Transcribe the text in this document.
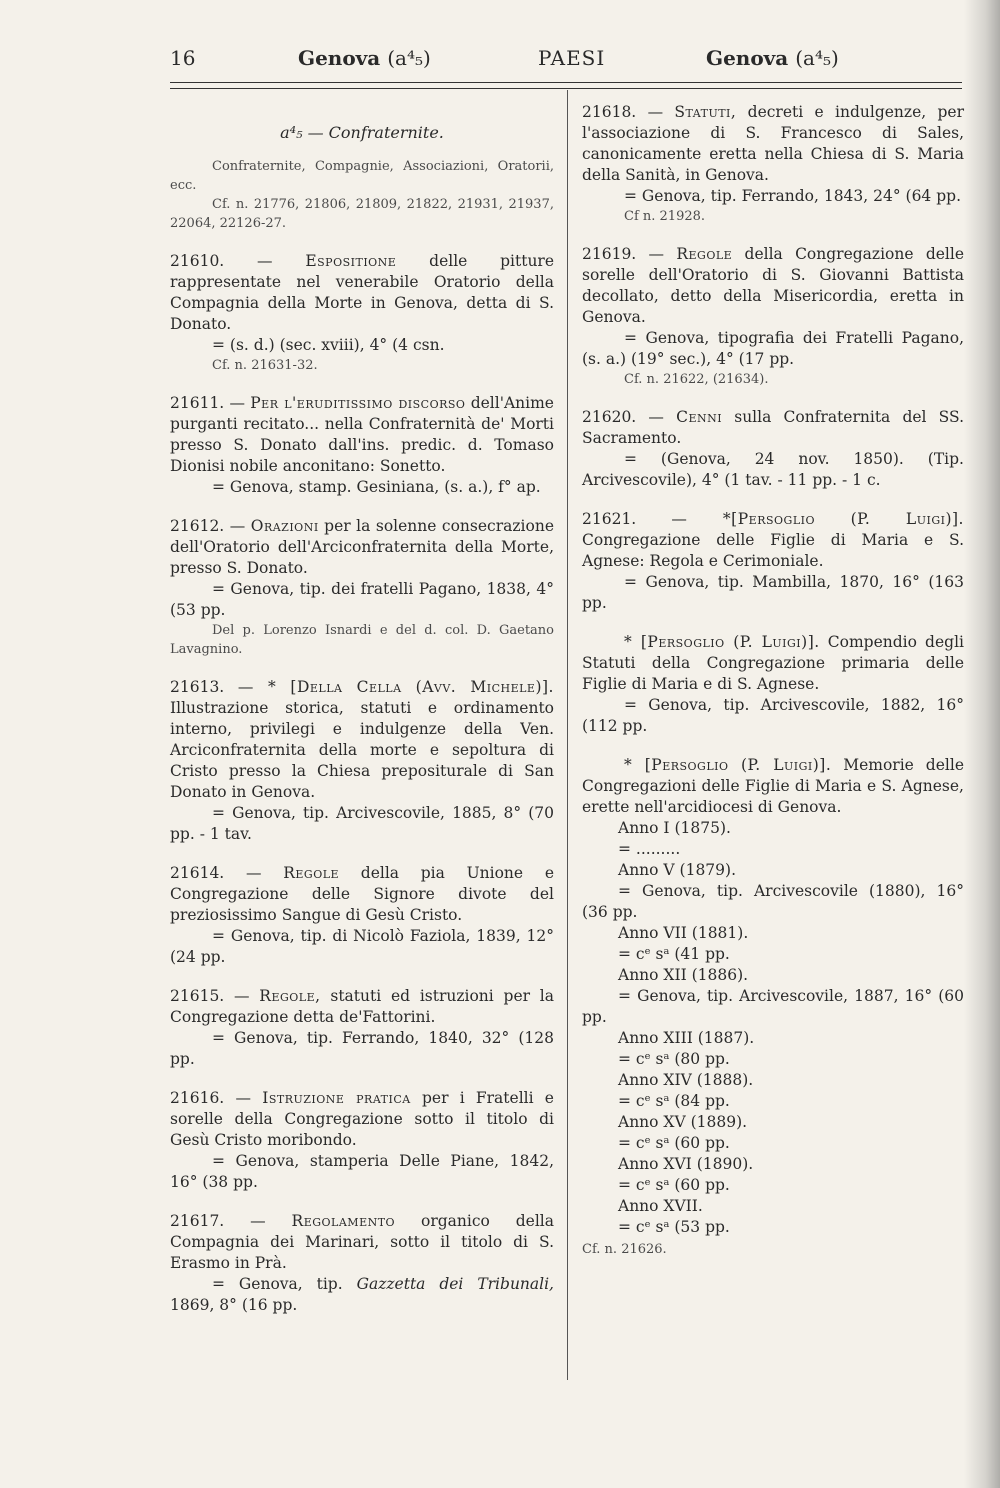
16	Genova (a⁴₅)	PAESI	Genova (a⁴₅)
a⁴₅ — Confraternite.

Confraternite, Compagnie, Associazioni, Oratorii, ecc.

Cf. n. 21776, 21806, 21809, 21822, 21931, 21937, 22064, 22126-27.

21610. — Espositione delle pitture rappresentate nel venerabile Oratorio della Compagnia della Morte in Genova, detta di S. Donato.

= (s. d.) (sec. xviii), 4° (4 csn.

Cf. n. 21631-32.

21611. — Per l'eruditissimo discorso dell'Anime purganti recitato... nella Confraternità de' Morti presso S. Donato dall'ins. predic. d. Tomaso Dionisi nobile anconitano: Sonetto.

= Genova, stamp. Gesiniana, (s. a.), f° ap.

21612. — Orazioni per la solenne consecrazione dell'Oratorio dell'Arciconfraternita della Morte, presso S. Donato.

= Genova, tip. dei fratelli Pagano, 1838, 4° (53 pp.

Del p. Lorenzo Isnardi e del d. col. D. Gaetano Lavagnino.

21613. — * [Della Cella (Avv. Michele)]. Illustrazione storica, statuti e ordinamento interno, privilegi e indulgenze della Ven. Arciconfraternita della morte e sepoltura di Cristo presso la Chiesa prepositurale di San Donato in Genova.

= Genova, tip. Arcivescovile, 1885, 8° (70 pp. - 1 tav.

21614. — Regole della pia Unione e Congregazione delle Signore divote del preziosissimo Sangue di Gesù Cristo.

= Genova, tip. di Nicolò Faziola, 1839, 12° (24 pp.

21615. — Regole, statuti ed istruzioni per la Congregazione detta de'Fattorini.

= Genova, tip. Ferrando, 1840, 32° (128 pp.

21616. — Istruzione pratica per i Fratelli e sorelle della Congregazione sotto il titolo di Gesù Cristo moribondo.

= Genova, stamperia Delle Piane, 1842, 16° (38 pp.

21617. — Regolamento organico della Compagnia dei Marinari, sotto il titolo di S. Erasmo in Prà.

= Genova, tip. Gazzetta dei Tribunali, 1869, 8° (16 pp.

21618. — Statuti, decreti e indulgenze, per l'associazione di S. Francesco di Sales, canonicamente eretta nella Chiesa di S. Maria della Sanità, in Genova.

= Genova, tip. Ferrando, 1843, 24° (64 pp.

Cf n. 21928.

21619. — Regole della Congregazione delle sorelle dell'Oratorio di S. Giovanni Battista decollato, detto della Misericordia, eretta in Genova.

= Genova, tipografia dei Fratelli Pagano, (s. a.) (19° sec.), 4° (17 pp.

Cf. n. 21622, (21634).

21620. — Cenni sulla Confraternita del SS. Sacramento.

= (Genova, 24 nov. 1850). (Tip. Arcivescovile), 4° (1 tav. - 11 pp. - 1 c.

21621. — *[Persoglio (P. Luigi)]. Congregazione delle Figlie di Maria e S. Agnese: Regola e Cerimoniale.

= Genova, tip. Mambilla, 1870, 16° (163 pp.

* [Persoglio (P. Luigi)]. Compendio degli Statuti della Congregazione primaria delle Figlie di Maria e di S. Agnese.

= Genova, tip. Arcivescovile, 1882, 16° (112 pp.

* [Persoglio (P. Luigi)]. Memorie delle Congregazioni delle Figlie di Maria e S. Agnese, erette nell'arcidiocesi di Genova.

Anno I (1875).

= .........

Anno V (1879).

= Genova, tip. Arcivescovile (1880), 16° (36 pp.

Anno VII (1881).

= cᵉ sᵃ (41 pp.

Anno XII (1886).

= Genova, tip. Arcivescovile, 1887, 16° (60 pp.

Anno XIII (1887).

= cᵉ sᵃ (80 pp.

Anno XIV (1888).

= cᵉ sᵃ (84 pp.

Anno XV (1889).

= cᵉ sᵃ (60 pp.

Anno XVI (1890).

= cᵉ sᵃ (60 pp.

Anno XVII.

= cᵉ sᵃ (53 pp.

Cf. n. 21626.
